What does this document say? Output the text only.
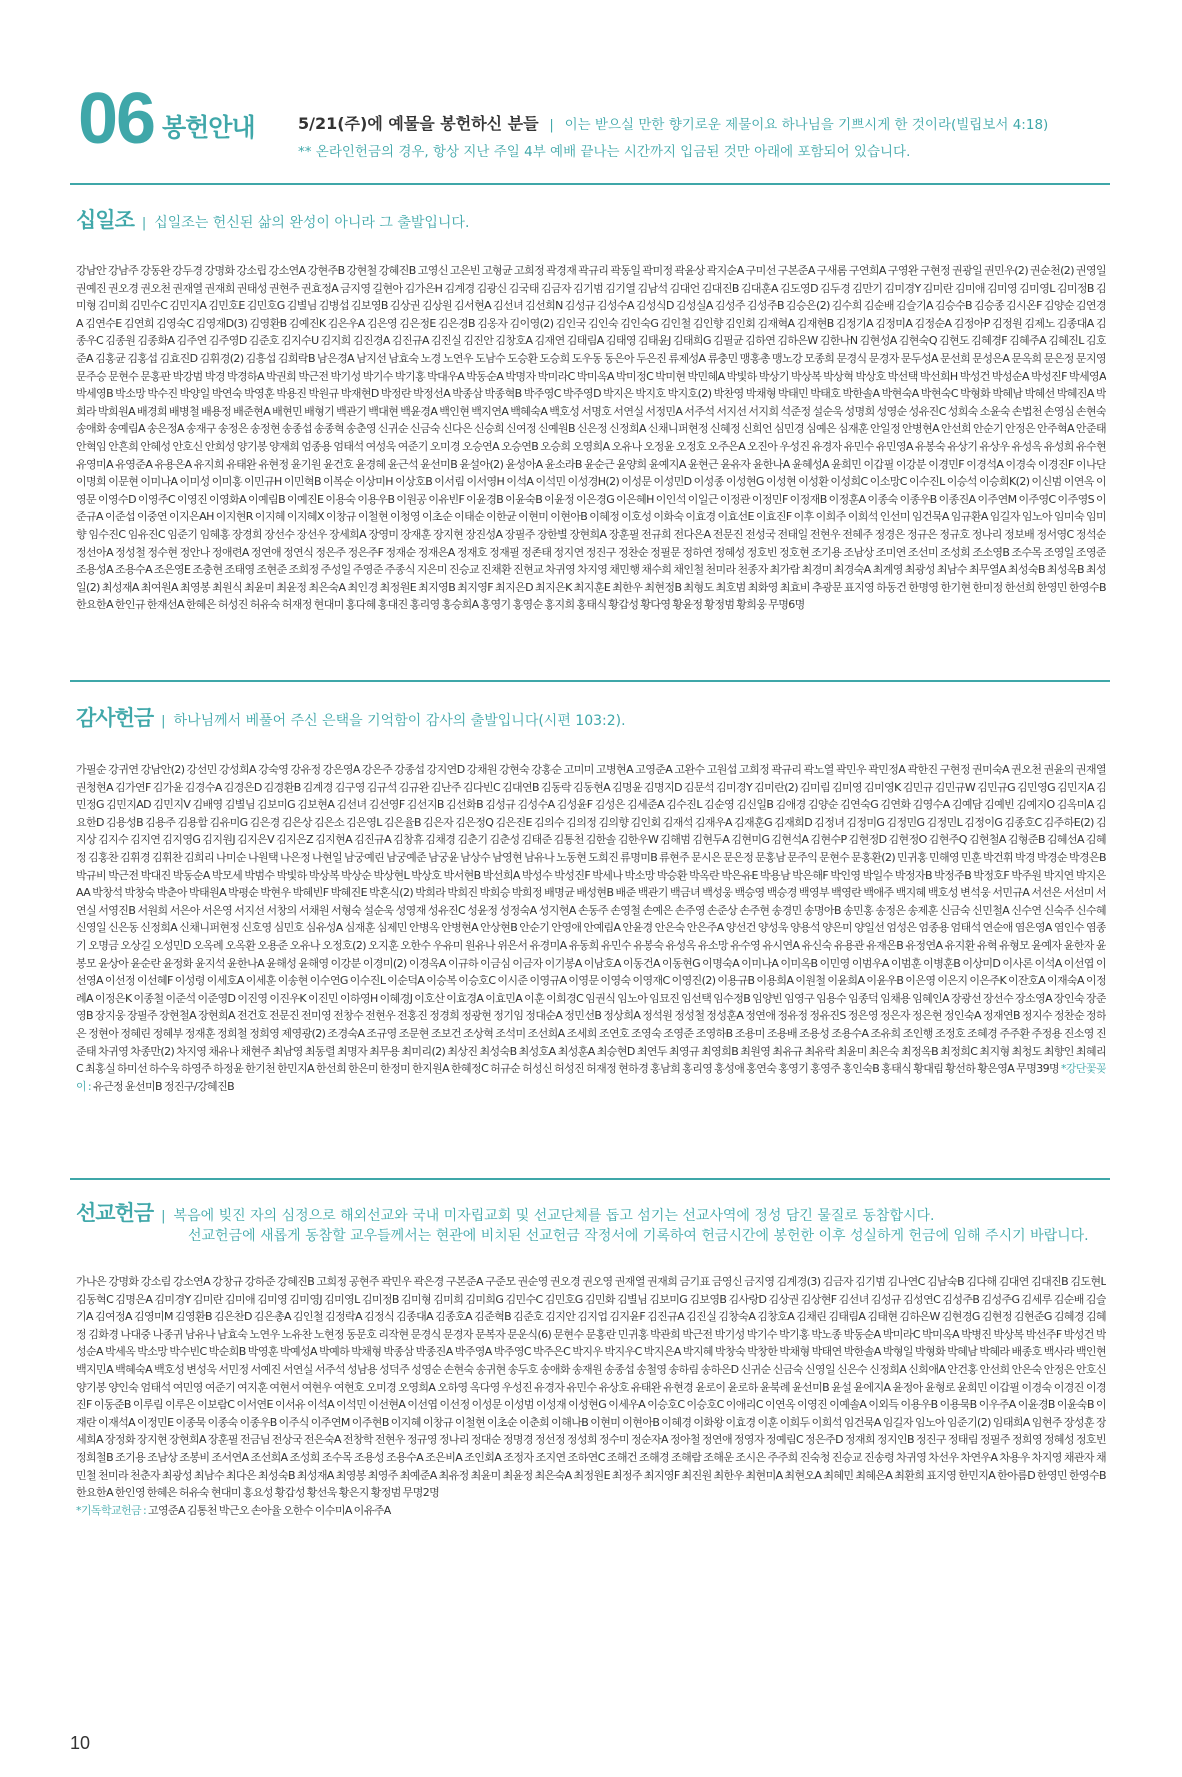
06 봉헌안내	5/21(주)에 예물을 봉헌하신 분들 | 이는 받으실 만한 향기로운 제물이요 하나님을 기쁘시게 한 것이라(빌립보서 4:18)
** 온라인헌금의 경우, 항상 지난 주일 4부 예배 끝나는 시간까지 입금된 것만 아래에 포함되어 있습니다.
십일조 | 십일조는 헌신된 삶의 완성이 아니라 그 출발입니다.
강남안 강남주 강동완 강두경 강명화 강소립 강소연A 강현주B 강현철 강혜진B 고영신 고은빈 고형균 고희정 곽경재 곽규리 곽동일 곽미정 곽윤상 곽지순A 구미선 구본준A 구새롬 구연희A 구영완 구현정 권광일 권민우(2) 권순천(2) 권영일 권예진 권오경 권오천 권재열 권재희 권태성 권현주 권효정A 금지영 길현아 김가은H 김계경 김광신 김국태 김금자 김기범 김기열 김남석 김대언 김대진B 김대훈A 김도영D 김두경 김만기 김미경Y 김미란 김미애 김미영 김미영L 김미정B 김미형 김미희 김민수C 김민지A 김민호E 김민호G 김별님 김병섭 김보영B 김상권 김상원 김서현A 김선녀 김선희N 김성규 김성수A 김성식D 김성실A 김성주 김성주B 김승은(2) 김수희 김순배 김슬기A 김승수B 김승종 김시온F 김양순 김연경A 김연수E 김연희 김영숙C 김영재D(3) 김영환B 김예진K 김은우A 김은영 김은정E 김은경B 김옹자 김이영(2) 김인국 김인숙 김인숙G 김인철 김인향 김인회 김재혁A 김재현B 김정기A 김정미A 김정순A 김정아P 김정원 김제노 김종대A 김종우C 김종원 김종화A 김주연 김주영D 김준호 김지수U 김지희 김진경A 김진규A 김진실 김진안 김창호A 김재연 김태림A 김태영 김태윤J 김태희G 김필균 김하연 김하은W 김한나N 김현성A 김현숙Q 김현도 김혜경F 김혜주A 김혜진L 김호준A 김홍균 김홍섭 김효진D 김휘경(2) 김흥섭 김희락B 남은경A 남지선 남효숙 노경 노연우 도남수 도승환 도승희 도우동 동은아 두은진 류제성A 류충민 맹홍총 맹노강 모종희 문경식 문경자 문두성A 문선희 문성은A 문옥희 문은정 문지영 문주승 문현수 문홍판 박강범 박경 박경하A 박권희 박근전 박기성 박기수 박기홍 박대우A 박동순A 박명자 박미라C 박미옥A 박미정C 박미현 박민혜A 박빛하 박상기 박상복 박상혁 박상호 박선택 박선희H 박성건 박성순A 박성진F 박세영A 박세영B 박소망 박수진 박양일 박연숙 박영훈 박용진 박원규 박재현D 박정란 박정선A 박종삼 박종혁B 박주영C 박주영D 박지은 박지호 박지호(2) 박찬영 박채형 박태민 박태호 박한솔A 박현숙A 박현숙C 박형화 박혜남 박혜선 박혜진A 박희라 박희원A 배경희 배병철 배용정 배준현A 배현민 배형기 백관기 백대현 백윤경A 백인현 백지연A 백혜숙A 백호성 서명호 서연실 서정민A 서주석 서지선 서지희 석준정 설순욱 성명희 성영순 성유진C 성희숙 소윤숙 손법천 손영심 손현숙 송애화 송예림A 송은정A 송재구 송정은 송정현 송종섭 송종혁 송춘영 신귀순 신금숙 신다은 신승희 신여정 신예원B 신은정 신정희A 신채니퍼현정 신혜정 신희언 심민경 심예은 심재훈 안일정 안병현A 안선희 안순기 안정은 안주혁A 안준태 안혁임 안흔희 안혜성 안호신 안희성 양기봉 양재희 엄종용 엄태석 여성욱 여준기 오미경 오승연A 오승연B 오승희 오영희A 오유나 오정윤 오정호 오주은A 오진아 우성진 유경자 유민수 유민영A 유봉숙 유상기 유상우 유성옥 유성희 유수현 유영미A 유영준A 유용은A 유지희 유태완 유현정 윤기원 윤건호 윤경혜 윤근석 윤선미B 윤설아(2) 윤성아A 윤소라B 윤순근 윤양희 윤예지A 윤현근 윤유자 윤한나A 윤혜성A 윤희민 이갑필 이강분 이경민F 이경석A 이경숙 이경진F 이나단 이명희 이문현 이미나A 이미성 이미홍 이민규H 이민혁B 이복순 이상미H 이상호B 이서림 이서영H 이석A 이석민 이성경H(2) 이성문 이성민D 이성종 이성현G 이성현 이성환 이성희C 이소망C 이수진L 이승석 이승희K(2) 이신범 이연옥 이영문 이영수D 이영주C 이영진 이영화A 이예림B 이예진E 이용숙 이용우B 이원공 이유빈F 이윤경B 이윤숙B 이윤정 이은경G 이은혜H 이인석 이일근 이정관 이정민F 이정재B 이정훈A 이종숙 이종우B 이종진A 이주연M 이주영C 이주영S 이준규A 이준섭 이중연 이지은AH 이지현R 이지혜 이지혜X 이창규 이철현 이청영 이초순 이태순 이한균 이현미 이현아B 이혜정 이호성 이화숙 이효경 이효선E 이효진F 이후 이희주 이희석 인선미 임건묵A 임규환A 임길자 임노아 임미숙 임미향 임수진C 임유진C 임준기 임혜홍 장경희 장선수 장선우 장세희A 장영미 장재훈 장지현 장진성A 장필주 장한별 장현희A 장훈필 전규희 전다은A 전문진 전성국 전태일 전현우 전혜주 정경은 정규은 정규호 정나리 정보배 정서영C 정석순 정선아A 정성철 정수현 정안나 정애련A 정연애 정연식 정은주 정은주F 정재순 정재은A 정재호 정재필 정존태 정지연 정진구 정찬순 정필문 정하연 정혜성 정호빈 정호현 조기용 조남상 조미연 조선미 조성희 조소영B 조수목 조영일 조영준 조용성A 조용수A 조은영E 조충현 조태영 조현준 조희정 주성일 주영준 주종식 지은미 진승교 진채환 진현교 차귀영 차지영 채민행 채수희 채인철 천미라 천종자 최가람 최경미 최경숙A 최계영 최광성 최남수 최무열A 최성숙B 최성옥B 최성일(2) 최성재A 최여원A 최영봉 최원식 최윤미 최윤정 최은숙A 최인경 최정원E 최지영B 최지영F 최지은D 최지은K 최지훈E 최한우 최현정B 최형도 최호범 최화영 최효비 추광문 표지영 하동건 한명영 한기현 한미정 한선희 한영민 한영수B 한요한A 한인규 한재선A 한혜은 허성진 허유숙 허재정 현대미 홍다혜 홍대진 홍리영 홍승희A 홍영기 홍영순 홍지희 홍태식 황갑성 황다영 황윤정 황정범 황희웅 무명6명
감사헌금 | 하나님께서 베풀어 주신 은택을 기억함이 감사의 출발입니다(시편 103:2).
가필순 강귀연 강남안(2) 강선민 강성희A 강숙영 강유정 강은영A 강은주 강종섭 강지연D 강채원 강현숙 강홍순 고미미 고병현A 고영준A 고완수 고원섭 고희정 곽규리 곽노열 곽민우 곽민정A 곽한진 구현정 권미숙A 권오천 권윤의 권재열 권청현A 김가연F 김가윤 김경수A 김경은D 김경환B 김계경 김구영 김규석 김규완 김난주 김다빈C 김대연B 김동락 김동현A 김명윤 김명지D 김문석 김미경Y 김미란(2) 김미림 김미영 김미영K 김민규 김민규W 김민규G 김민영G 김민지A 김민정G 김민지AD 김민지V 김배영 김별님 김보미G 김보현A 김선녀 김선영F 김선지B 김선화B 김성규 김성수A 김성윤F 김성은 김세준A 김수진L 김순영 김신일B 김애경 김양순 김연숙G 김연화 김영수A 김예담 김예빈 김예지O 김옥미A 김요한D 김용성B 김용주 김용함 김유미G 김은경 김은상 김은소 김은영L 김은율B 김은자 김은정Q 김은진E 김의수 김의정 김의향 김인회 김재석 김재우A 김재훈G 김재희D 김정녀 김정미G 김정민G 김정민L 김정이G 김종호C 김주하E(2) 김지상 김지수 김지연 김지영G 김지원J 김지은V 김지은Z 김지현A 김진규A 김창휴 김채경 김춘기 김춘성 김태준 김통천 김한솔 김한우W 김해범 김현두A 김현미G 김현석A 김현수P 김현정D 김현정O 김현주Q 김현철A 김형준B 김혜선A 김혜정 김홍찬 김휘경 김휘찬 김희리 나미순 나원택 나은정 나현일 남궁예린 남궁예준 남궁윤 남상수 남영현 남유나 노동현 도희진 류명미B 류현주 문시은 문은정 문홍남 문주익 문현수 문홍환(2) 민귀홍 민해영 민훈 박건휘 박경 박경순 박경은B 박규비 박근전 박대진 박동순A 박모세 박범수 박빛하 박상복 박상순 박상현L 박상호 박서현B 박선희A 박성수 박성진F 박세나 박소망 박승환 박옥란 박은유E 박용남 박은해F 박인영 박일수 박정자B 박정주B 박정호F 박주원 박지연 박지은AA 박창석 박창숙 박춘아 박태원A 박평순 박현우 박혜빈F 박혜진E 박혼식(2) 박희라 박희진 박희승 박희정 배명균 배성현B 배준 백관기 백금녀 백성웅 백승영 백승경 백영부 백영란 백애주 백지혜 백호성 변석웅 서민규A 서선은 서선미 서연실 서영진B 서원희 서은아 서은영 서지선 서창의 서채원 서형숙 설순욱 성영재 성유진C 성윤정 성정숙A 성지현A 손동주 손영철 손예은 손주영 손준상 손주현 송경민 송명아B 송민홍 송정은 송제훈 신금숙 신민철A 신수연 신숙주 신수혜 신영일 신은동 신정희A 신채니퍼현정 신호영 심민호 심유성A 심재훈 심제민 안병옥 안병현A 안상현B 안순기 안영애 안예림A 안윤경 안은숙 안은주A 양선건 양성욱 양용석 양은미 양일선 엄성은 엄종용 엄태석 연순애 염은영A 염인수 염종기 오명금 오상길 오성민D 오옥례 오옥환 오용준 오유나 오정호(2) 오지훈 오한수 우유미 원유나 위은서 유경미A 유동희 유민수 유봉숙 유성옥 유소망 유수영 유시연A 유신숙 유용관 유재은B 유정연A 유지환 유혁 유형모 윤예자 윤한자 윤봉모 윤상아 윤순란 윤정화 윤지석 윤한나A 윤해성 윤해영 이강분 이경미(2) 이경옥A 이규하 이금심 이금자 이기봉A 이남호A 이동건A 이동현G 이명숙A 이미나A 이미옥B 이민영 이범우A 이범훈 이병훈B 이상미D 이사론 이석A 이선엽 이선영A 이선정 이선혜F 이성령 이세호A 이세훈 이송현 이수연G 이수진L 이순덕A 이승복 이승호C 이시준 이영규A 이영문 이영숙 이영재C 이영진(2) 이용규B 이용희A 이원철 이윤희A 이윤우B 이은영 이은지 이은주K 이잔호A 이재숙A 이정례A 이정은K 이종철 이준석 이준영D 이진영 이진우K 이진민 이하영H 이혜경J 이호산 이효경A 이효민A 이훈 이희경C 임권식 임노아 임묘진 임선택 임수정B 임양빈 임영구 임용수 임종덕 임채용 임혜인A 장광선 장선수 장소영A 장인숙 장준영B 장지웅 장필주 장현철A 장현희A 전건호 전문진 전미영 전창수 전현우 전홍진 정경희 정광현 정기임 정대순A 정민선B 정상희A 정석원 정성철 정성훈A 정연애 정유정 정유진S 정은영 정은자 정은현 정인숙A 정재연B 정지수 정찬순 정하은 정현아 정혜린 정혜부 정재훈 정희철 정희영 제영광(2) 조경숙A 조규영 조문현 조보건 조상혁 조석미 조선희A 조세희 조연호 조영숙 조영준 조영하B 조용미 조용배 조용성 조용수A 조유희 조인행 조정호 조혜경 주주환 주정용 진소영 진준태 차귀영 차종만(2) 차지영 채유나 채현주 최남영 최동렬 최명자 최무용 최미리(2) 최상진 최성숙B 최성호A 최성훈A 최승현D 최연두 최영규 최영희B 최원영 최유규 최유락 최윤미 최은숙 최정옥B 최정희C 최지형 최청도 최향인 최혜리C 최홍실 하미선 하수욱 하영주 하정윤 한기천 한민지A 한선희 한은미 한정미 한지원A 한혜정C 허규순 허성신 허성진 허재정 현하경 홍남희 홍리영 홍성애 홍연숙 홍영기 홍영주 홍인숙B 홍태식 황대림 황선하 황은영A 무명39명 *강단꽃꽂이 : 유근정 윤선미B 정진구/강혜진B
선교헌금 | 복음에 빚진 자의 심정으로 해외선교와 국내 미자립교회 및 선교단체를 돕고 섬기는 선교사역에 정성 담긴 물질로 동참합시다.
선교헌금에 새롭게 동참할 교우들께서는 현관에 비치된 선교헌금 작정서에 기록하여 헌금시간에 봉헌한 이후 성실하게 헌금에 임해 주시기 바랍니다.
가나은 강명화 강소림 강소연A 강창규 강하준 강혜진B 고희정 공현주 곽민우 곽은경 구본준A 구준모 권순영 권오경 권오영 권재열 권재희 금기표 금영신 금지영 김계경(3) 김금자 김기범 김나연C 김남숙B 김다해 김대연 김대진B 김도현L 김동혁C 김명은A 김미경Y 김미란 김미애 김미영 김미영J 김미영L 김미정B 김미형 김미희 김미희G 김민수C 김민호G 김민화 김별님 김보미G 김보영B 김사랑D 김상권 김상현F 김선녀 김성규 김성연C 김성주B 김성주G 김세루 김순배 김슬기A 김여정A 김영미M 김영환B 김은찬D 김은총A 김인철 김정락A 김정식 김종대A 김종호A 김준혁B 김준호 김지안 김지업 김지윤F 김진규A 김진실 김창숙A 김창호A 김채린 김태림A 김태현 김하은W 김현경G 김현정 김현준G 김혜경 김혜정 김화경 나대중 나종귀 남유나 남효숙 노연우 노유찬 노현정 동문호 리작현 문경식 문경자 문복자 문운식(6) 문현수 문홍란 민귀홍 박관희 박근전 박기성 박기수 박기홍 박노종 박동순A 박미라C 박미옥A 박병진 박상복 박선주F 박성건 박성순A 박세옥 박소망 박수빈C 박순희B 박영훈 박예성A 박예하 박채형 박종삼 박종진A 박주영A 박주영C 박주은C 박지우 박지우C 박지은A 박지혜 박창숙 박창한 박채형 박태연 박한솔A 박형일 박형화 박혜남 박혜라 배종호 백사라 백인현 백지민A 백혜숙A 백호성 변성욱 서민정 서예진 서연실 서주석 성남용 성덕주 성영순 손현숙 송귀현 송두호 송애화 송재원 송종섭 송철영 송하림 송하은D 신귀순 신금숙 신영일 신은수 신정희A 신희애A 안건홍 안선희 안은숙 안정은 안호신 양기봉 양인숙 엄태석 여민영 여준기 여지훈 여현서 여현우 여현호 오미경 오영희A 오하영 옥다영 우성진 유경자 유민수 유상호 유태완 유현경 윤로이 윤로하 윤북례 윤선미B 윤설 윤에지A 윤정아 윤형로 윤희민 이갑필 이경숙 이경진 이경진F 이동준B 이루림 이루은 이보람C 이서연E 이서유 이석A 이석민 이선현A 이선엽 이선정 이성문 이성범 이성재 이성현G 이세우A 이승호C 이승호C 이애리C 이연옥 이영진 이예솔A 이외득 이용우B 이용묵B 이우주A 이윤경B 이윤숙B 이재란 이재석A 이정민E 이종묵 이종숙 이종우B 이주식 이주연M 이주현B 이지혜 이창규 이철현 이초순 이춘희 이해나B 이현미 이현아B 이혜경 이화왕 이효경 이훈 이희두 이희석 임건묵A 임길자 임노아 임준기(2) 임태희A 임현주 장성훈 장세희A 장정화 장지현 장현희A 장훈필 전금님 전상국 전은숙A 전창학 전현우 정규영 정나리 정대순 정명경 정선정 정성희 정수미 정순자A 정아철 정연애 정영자 정예림C 정은주D 정재희 정지인B 정진구 정태림 정필주 정희영 정혜성 정호빈 정희철B 조기용 조남상 조봉비 조서연A 조선희A 조성희 조수목 조용성 조용수A 조은비A 조인회A 조정자 조지연 조하연C 조해건 조해경 조해람 조해운 조시은 주주희 진숙청 진승교 진송령 차귀영 차선우 차연우A 차용우 차지영 채관자 채민철 천미라 천춘자 최광성 최남수 최다은 최성숙B 최성재A 최영봉 최영주 최예준A 최유정 최윤미 최윤정 최은숙A 최정원E 최정주 최지영F 최진원 최한우 최현미A 최현오A 최혜민 최혜은A 최환희 표지영 한민지A 한아름D 한영민 한영수B 한요한A 한인영 한혜은 허유숙 현대미 홍요성 황갑성 황선욱 황은지 황정범 무명2명
*기독학교헌금 : 고영준A 김통천 박근오 손아율 오한수 이수미A 이유주A
10
